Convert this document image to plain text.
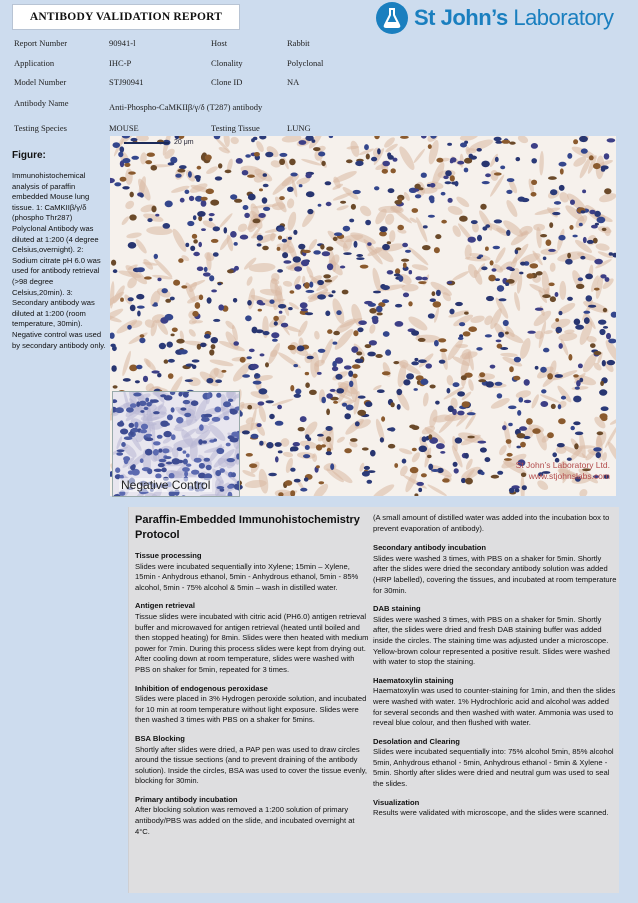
ANTIBODY VALIDATION REPORT	St John’s Laboratory
Report Number	90941-l	Host	Rabbit
Application	IHC-P	Clonality	Polyclonal
Model Number	STJ90941	Clone ID	NA
Antibody Name	Anti-Phospho-CaMKIIβ/γ/δ (T287) antibody
Testing Species	MOUSE	Testing Tissue	LUNG
Figure:
Immunohistochemical analysis of paraffin embedded Mouse lung tissue. 1: CaMKIIβ/γ/δ (phospho Thr287) Polyclonal Antibody was diluted at 1:200 (4 degree Celsius,overnight). 2: Sodium citrate pH 6.0 was used for antibody retrieval (>98 degree Celsius,20min). 3: Secondary antibody was diluted at 1:200 (room temperature, 30min). Negative control was used by secondary antibody only.
20 μm
St John’s Laboratory Ltd.
www.stjohnslabs.com
Negative Control
Paraffin-Embedded Immunohistochemistry Protocol
Tissue processing
Slides were incubated sequentially into Xylene; 15min – Xylene, 15min - Anhydrous ethanol, 5min - Anhydrous ethanol, 5min - 85% alcohol, 5min - 75% alcohol & 5min – wash in distilled water.
Antigen retrieval
Tissue slides were incubated with citric acid (PH6.0) antigen retrieval buffer and microwaved for antigen retrieval (heated until boiled and then stopped heating) for 8min. Slides were then heated with medium power for 7min. During this process slides were kept from drying out. After cooling down at room temperature, slides were washed with PBS on shaker for 5min, repeated for 3 times.
Inhibition of endogenous peroxidase
Slides were placed in 3% Hydrogen peroxide solution, and incubated for 10 min at room temperature without light exposure. Slides were then washed 3 times with PBS on a shaker for 5mins.
BSA Blocking
Shortly after slides were dried, a PAP pen was used to draw circles around the tissue sections (and to prevent draining of the antibody solution). Inside the circles, BSA was used to cover the tissue evenly, blocking for 30min.
Primary antibody incubation
After blocking solution was removed a 1:200 solution of primary antibody/PBS was added on the slide, and incubated overnight at 4°C.
(A small amount of distilled water was added into the incubation box to prevent evaporation of antibody).
Secondary antibody incubation
Slides were washed 3 times, with PBS on a shaker for 5min. Shortly after the slides were dried the secondary antibody solution was added (HRP labelled), covering the tissues, and incubated at room temperature for 30min.
DAB staining
Slides were washed 3 times, with PBS on a shaker for 5min. Shortly after, the slides were dried and fresh DAB staining buffer was added inside the circles. The staining time was adjusted under a microscope. Yellow-brown colour represented a positive result. Slides were washed with water to stop the staining.
Haematoxylin staining
Haematoxylin was used to counter-staining for 1min, and then the slides were washed with water. 1% Hydrochloric acid and alcohol was added for several seconds and then washed with water. Ammonia was used to reveal blue colour, and then flushed with water.
Desolation and Clearing
Slides were incubated sequentially into: 75% alcohol 5min, 85% alcohol 5min, Anhydrous ethanol - 5min, Anhydrous ethanol - 5min & Xylene - 5min. Shortly after slides were dried and neutral gum was used to seal the slides.
Visualization
Results were validated with microscope, and the slides were scanned.
